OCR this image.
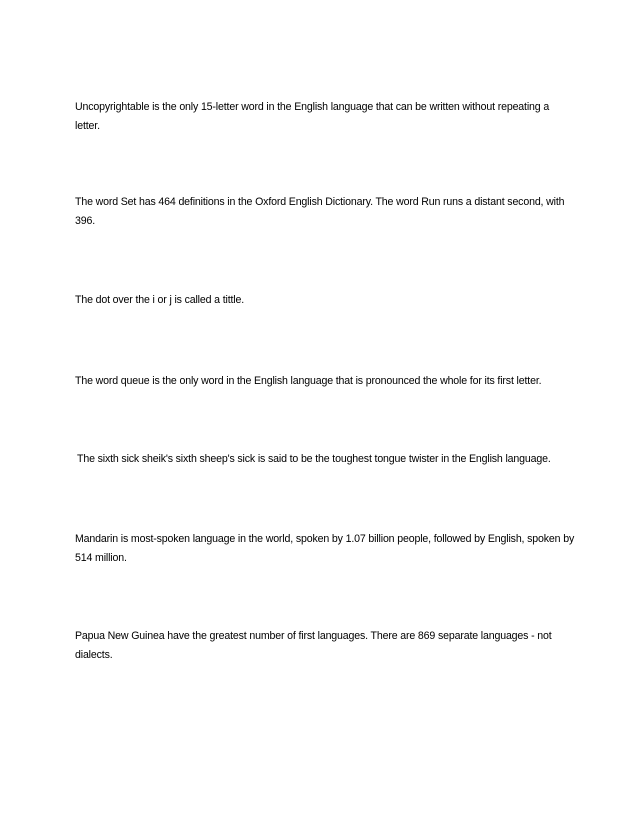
Uncopyrightable is the only 15-letter word in the English language that can be written without repeating a letter.

The word Set has 464 definitions in the Oxford English Dictionary. The word Run runs a distant second, with 396.

The dot over the i or j is called a tittle.

The word queue is the only word in the English language that is pronounced the whole for its first letter.

The sixth sick sheik's sixth sheep's sick is said to be the toughest tongue twister in the English language.

Mandarin is most-spoken language in the world, spoken by 1.07 billion people, followed by English, spoken by 514 million.

Papua New Guinea have the greatest number of first languages. There are 869 separate languages - not dialects.
